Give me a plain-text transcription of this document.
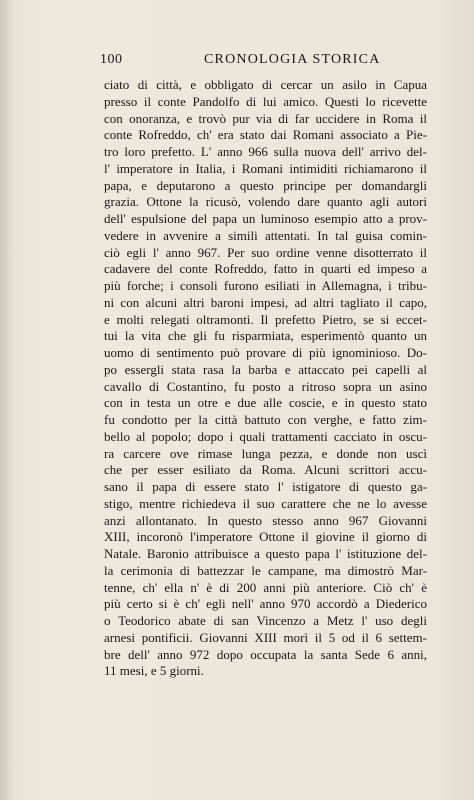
100	CRONOLOGIA STORICA
ciato di città, e obbligato di cercar un asilo in Capua
presso il conte Pandolfo di lui amico. Questi lo ricevette
con onoranza, e trovò pur via di far uccidere in Roma il
conte Rofreddo, ch' era stato dai Romani associato a Pie-
tro loro prefetto. L' anno 966 sulla nuova dell' arrivo del-
l' imperatore in Italia, i Romani intimiditi richiamarono il
papa, e deputarono a questo principe per domandargli
grazia. Ottone la ricusò, volendo dare quanto agli autori
dell' espulsione del papa un luminoso esempio atto a prov-
vedere in avvenire a simili attentati. In tal guisa comin-
ciò egli l' anno 967. Per suo ordine venne disotterrato il
cadavere del conte Rofreddo, fatto in quarti ed impeso a
più forche; i consoli furono esiliati in Allemagna, i tribu-
ni con alcuni altri baroni impesi, ad altri tagliato il capo,
e molti relegati oltramonti. Il prefetto Pietro, se si eccet-
tui la vita che gli fu risparmiata, esperimentò quanto un
uomo di sentimento può provare di più ignominioso. Do-
po essergli stata rasa la barba e attaccato pei capelli al
cavallo di Costantino, fu posto a ritroso sopra un asino
con in testa un otre e due alle coscie, e in questo stato
fu condotto per la città battuto con verghe, e fatto zim-
bello al popolo; dopo i quali trattamenti cacciato in oscu-
ra carcere ove rimase lunga pezza, e donde non uscì
che per esser esiliato da Roma. Alcuni scrittori accu-
sano il papa di essere stato l' istigatore di questo ga-
stigo, mentre richiedeva il suo carattere che ne lo avesse
anzi allontanato. In questo stesso anno 967 Giovanni
XIII, incoronò l'imperatore Ottone il giovine il giorno di
Natale. Baronio attribuisce a questo papa l' istituzione del-
la cerimonia di battezzar le campane, ma dimostrò Mar-
tenne, ch' ella n' è di 200 anni più anteriore. Ciò ch' è
più certo si è ch' egli nell' anno 970 accordò a Diederico
o Teodorico abate di san Vincenzo a Metz l' uso degli
arnesi pontificii. Giovanni XIII morì il 5 od il 6 settem-
bre dell' anno 972 dopo occupata la santa Sede 6 anni,
11 mesi, e 5 giorni.
